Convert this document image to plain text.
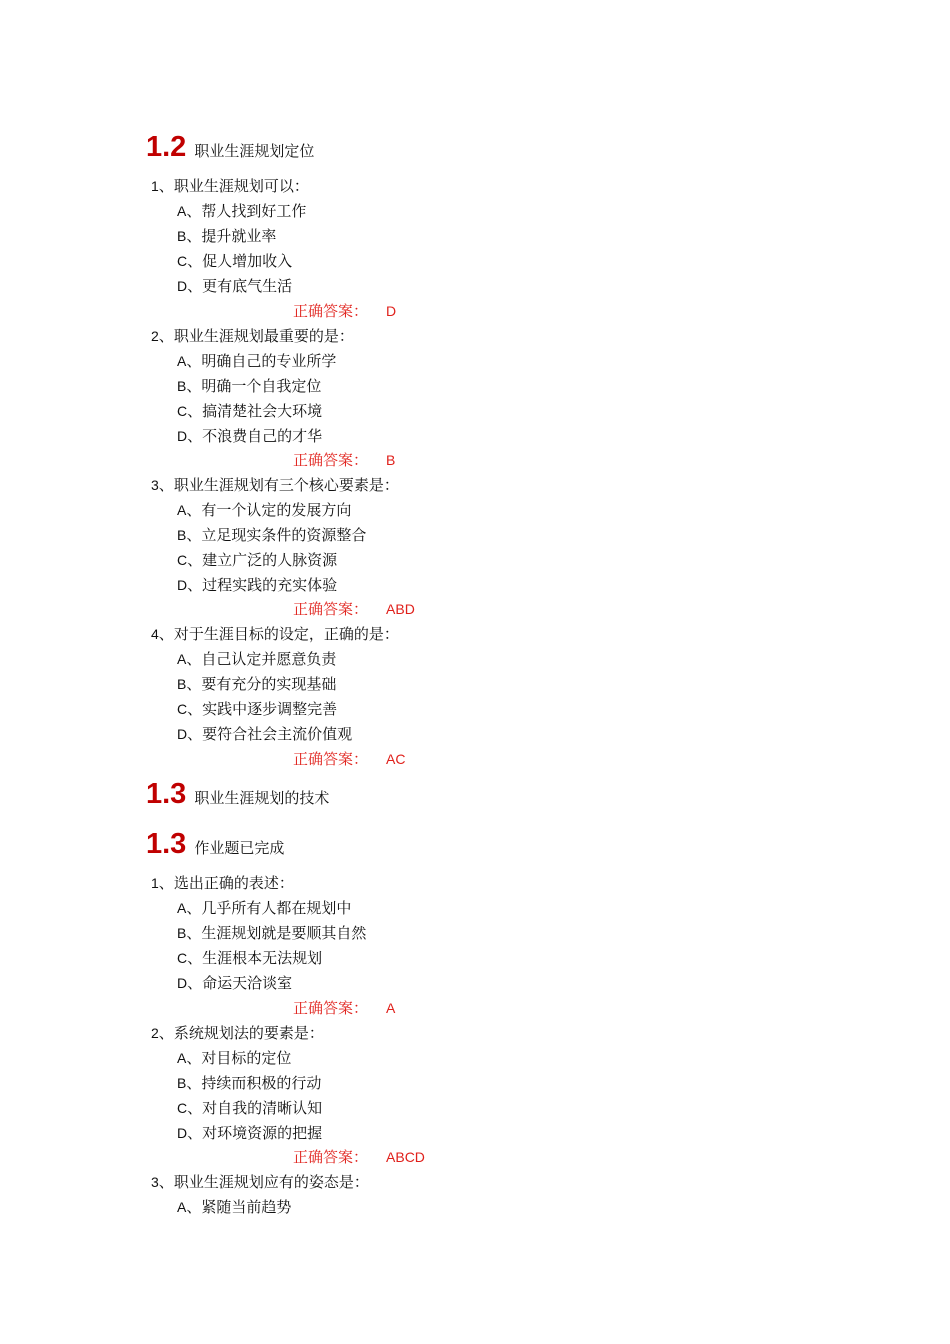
1.2 职业生涯规划定位
1、职业生涯规划可以：
A、帮人找到好工作
B、提升就业率
C、促人增加收入
D、更有底气生活
正确答案： D
2、职业生涯规划最重要的是：
A、明确自己的专业所学
B、明确一个自我定位
C、搞清楚社会大环境
D、不浪费自己的才华
正确答案： B
3、职业生涯规划有三个核心要素是：
A、有一个认定的发展方向
B、立足现实条件的资源整合
C、建立广泛的人脉资源
D、过程实践的充实体验
正确答案： ABD
4、对于生涯目标的设定，正确的是：
A、自己认定并愿意负责
B、要有充分的实现基础
C、实践中逐步调整完善
D、要符合社会主流价值观
正确答案： AC
1.3 职业生涯规划的技术
1.3 作业题已完成
1、选出正确的表述：
A、几乎所有人都在规划中
B、生涯规划就是要顺其自然
C、生涯根本无法规划
D、命运天洽谈室
正确答案： A
2、系统规划法的要素是：
A、对目标的定位
B、持续而积极的行动
C、对自我的清晰认知
D、对环境资源的把握
正确答案： ABCD
3、职业生涯规划应有的姿态是：
A、紧随当前趋势
